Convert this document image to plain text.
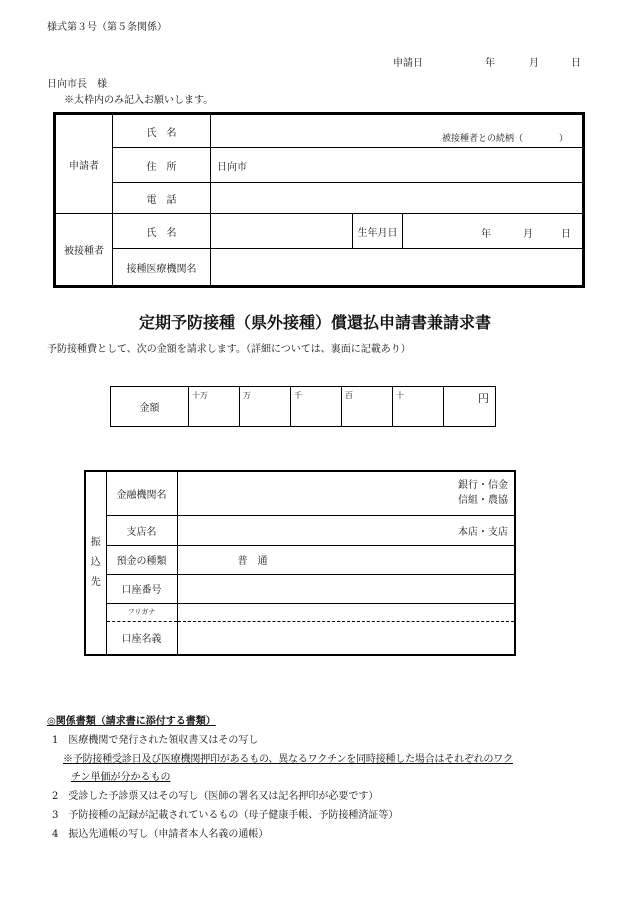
様式第３号（第５条関係）
申請日	年	月	日
日向市長　様
※太枠内のみ記入お願いします。
申請者	氏　名	被接種者との続柄（　　　　）		

	住　所	日向市		
	電　話			
被接種者	氏　名		生年月日	年 月 日

	接種医療機関名			
定期予防接種（県外接種）償還払申請書兼請求書
予防接種費として、次の金額を請求します。（詳細については、裏面に記載あり）
金額	十万	万	千	百	十	円
振
込
先	金融機関名	銀行・信金
信組・農協
	支店名	本店・支店
	預金の種類	普　通
	口座番号	
	フリガナ	
	口座名義	
◎関係書類（請求書に添付する書類）
1　医療機関で発行された領収書又はその写し
※予防接種受診日及び医療機関押印があるもの、異なるワクチンを同時接種した場合はそれぞれのワク
チン単価が分かるもの
2　受診した予診票又はその写し（医師の署名又は記名押印が必要です）
3　予防接種の記録が記載されているもの（母子健康手帳、予防接種済証等）
4　振込先通帳の写し（申請者本人名義の通帳）
